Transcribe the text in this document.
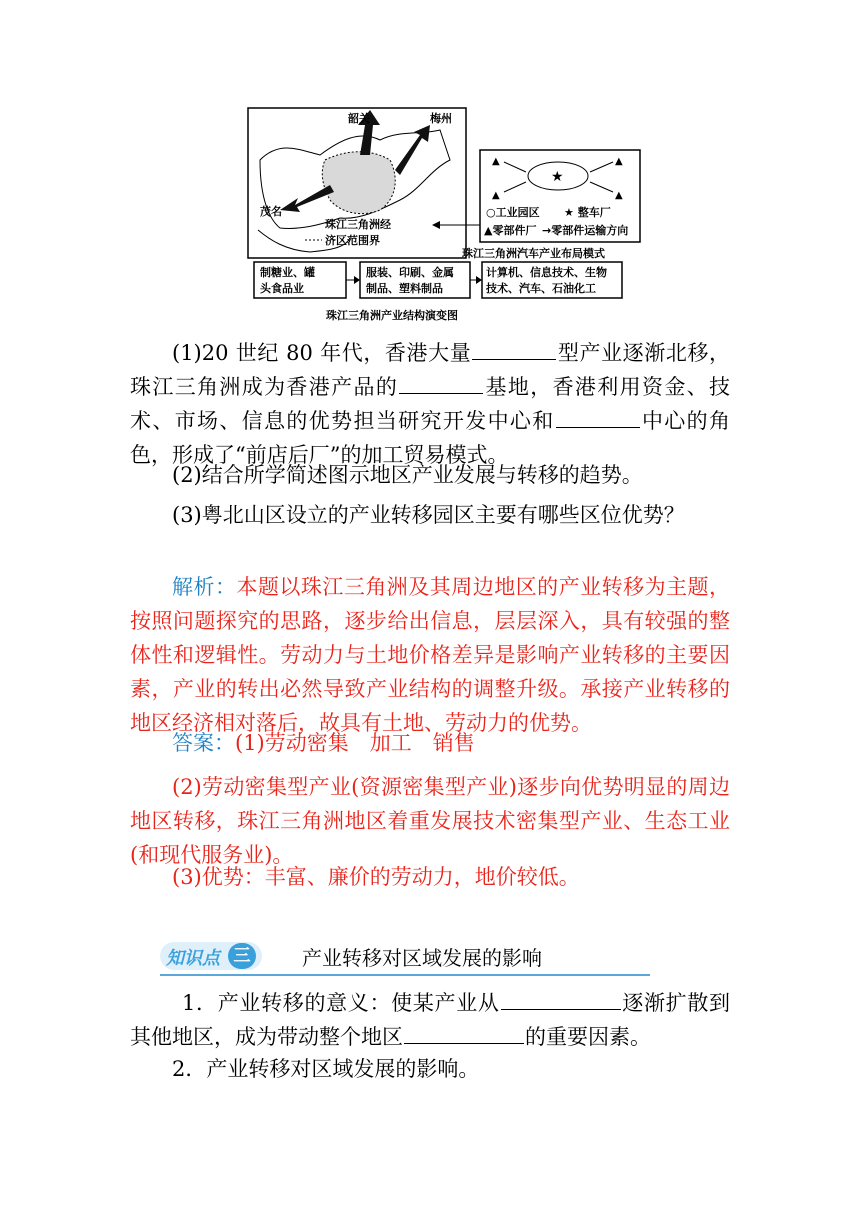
韶关	梅州
茂名
珠江三角洲经
济区范围界
★
▲	▲
▲	▲
○工业园区 ★ 整车厂
▲零部件厂 →零部件运输方向
珠江三角洲汽车产业布局模式
制糖业、罐
头食品业
服装、印刷、金属
制品、塑料制品
计算机、信息技术、生物
技术、汽车、石油化工
珠江三角洲产业结构演变图

(1)20 世纪 80 年代，香港大量	型产业逐渐北移，珠江三角洲成为香港产品的	基地，香港利用资金、技术、市场、信息的优势担当研究开发中心和	中心的角色，形成了“前店后厂”的加工贸易模式。

(2)结合所学简述图示地区产业发展与转移的趋势。

(3)粤北山区设立的产业转移园区主要有哪些区位优势？

解析：本题以珠江三角洲及其周边地区的产业转移为主题，按照问题探究的思路，逐步给出信息，层层深入，具有较强的整体性和逻辑性。劳动力与土地价格差异是影响产业转移的主要因素，产业的转出必然导致产业结构的调整升级。承接产业转移的地区经济相对落后，故具有土地、劳动力的优势。

答案：(1)劳动密集　加工　销售

(2)劳动密集型产业(资源密集型产业)逐步向优势明显的周边地区转移，珠江三角洲地区着重发展技术密集型产业、生态工业(和现代服务业)。

(3)优势：丰富、廉价的劳动力，地价较低。

知识点 三	产业转移对区域发展的影响

1．产业转移的意义：使某产业从	逐渐扩散到其他地区，成为带动整个地区	的重要因素。

2．产业转移对区域发展的影响。
